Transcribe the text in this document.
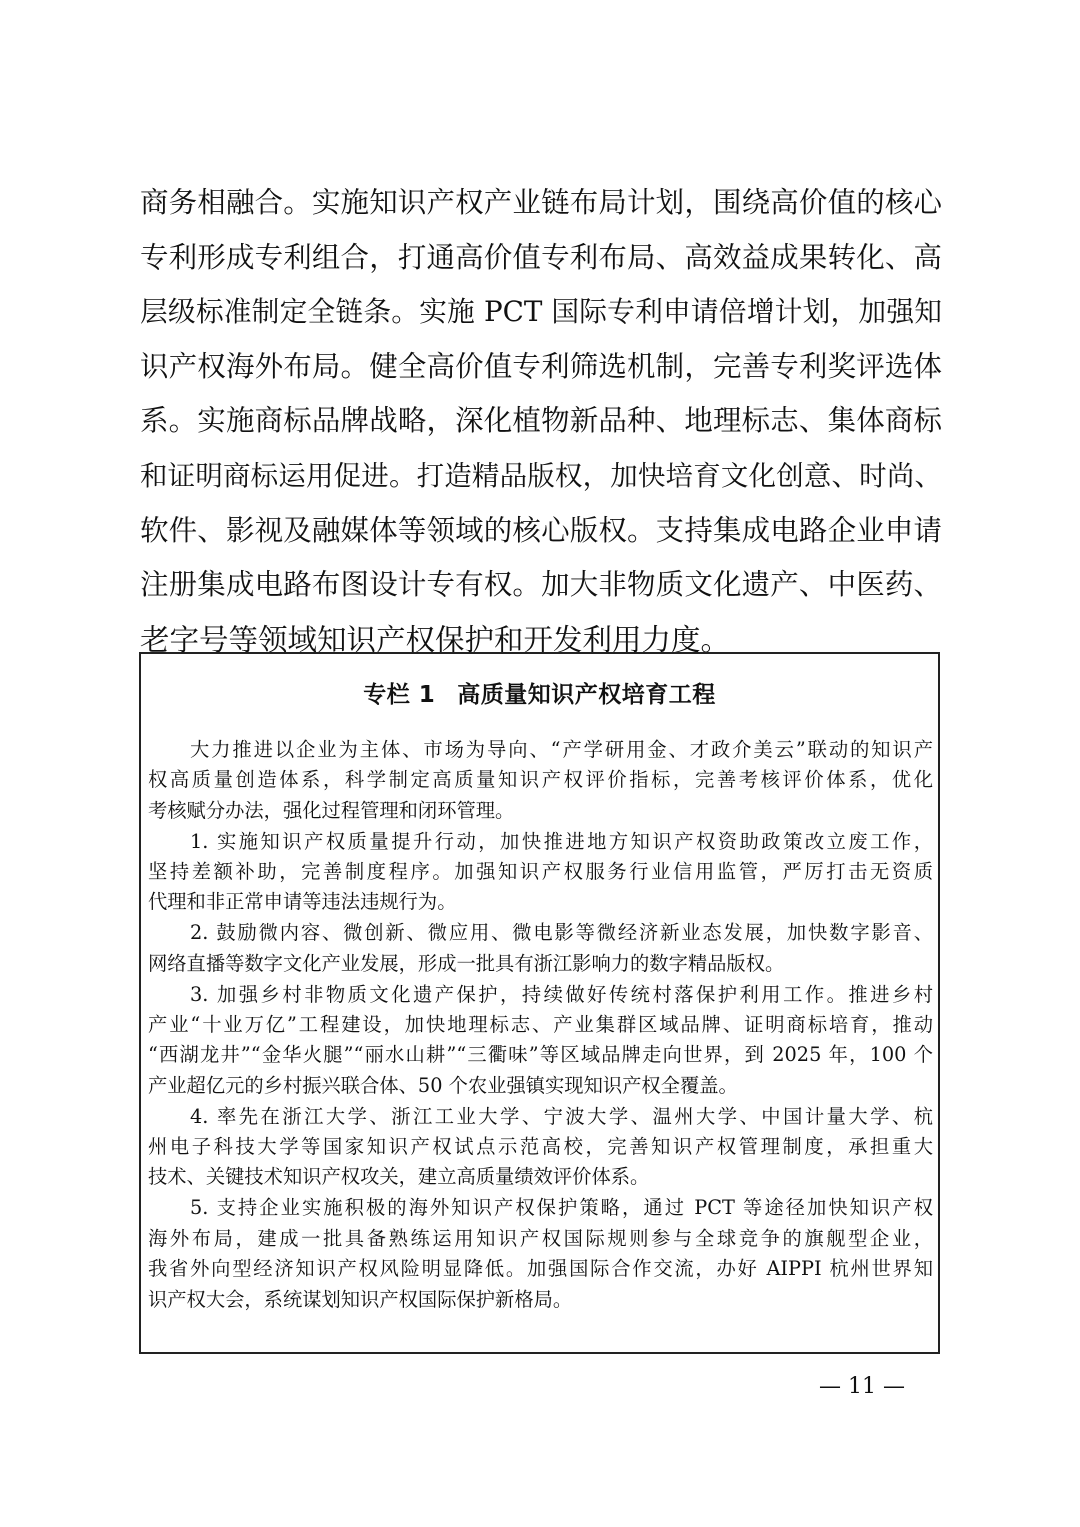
商务相融合。实施知识产权产业链布局计划，围绕高价值的核心
专利形成专利组合，打通高价值专利布局、高效益成果转化、高
层级标准制定全链条。实施 PCT 国际专利申请倍增计划，加强知
识产权海外布局。健全高价值专利筛选机制，完善专利奖评选体
系。实施商标品牌战略，深化植物新品种、地理标志、集体商标
和证明商标运用促进。打造精品版权，加快培育文化创意、时尚、
软件、影视及融媒体等领域的核心版权。支持集成电路企业申请
注册集成电路布图设计专有权。加大非物质文化遗产、中医药、
老字号等领域知识产权保护和开发利用力度。
专栏 1 高质量知识产权培育工程
大力推进以企业为主体、市场为导向、“产学研用金、才政介美云”联动的知识产
权高质量创造体系，科学制定高质量知识产权评价指标，完善考核评价体系，优化
考核赋分办法，强化过程管理和闭环管理。
1. 实施知识产权质量提升行动，加快推进地方知识产权资助政策改立废工作，
坚持差额补助，完善制度程序。加强知识产权服务行业信用监管，严厉打击无资质
代理和非正常申请等违法违规行为。
2. 鼓励微内容、微创新、微应用、微电影等微经济新业态发展，加快数字影音、
网络直播等数字文化产业发展，形成一批具有浙江影响力的数字精品版权。
3. 加强乡村非物质文化遗产保护，持续做好传统村落保护利用工作。推进乡村
产业“十业万亿”工程建设，加快地理标志、产业集群区域品牌、证明商标培育，推动
“西湖龙井”“金华火腿”“丽水山耕”“三衢味”等区域品牌走向世界，到 2025 年，100 个
产业超亿元的乡村振兴联合体、50 个农业强镇实现知识产权全覆盖。
4. 率先在浙江大学、浙江工业大学、宁波大学、温州大学、中国计量大学、杭
州电子科技大学等国家知识产权试点示范高校，完善知识产权管理制度，承担重大
技术、关键技术知识产权攻关，建立高质量绩效评价体系。
5. 支持企业实施积极的海外知识产权保护策略，通过 PCT 等途径加快知识产权
海外布局，建成一批具备熟练运用知识产权国际规则参与全球竞争的旗舰型企业，
我省外向型经济知识产权风险明显降低。加强国际合作交流，办好 AIPPI 杭州世界知
识产权大会，系统谋划知识产权国际保护新格局。
— 11 —
